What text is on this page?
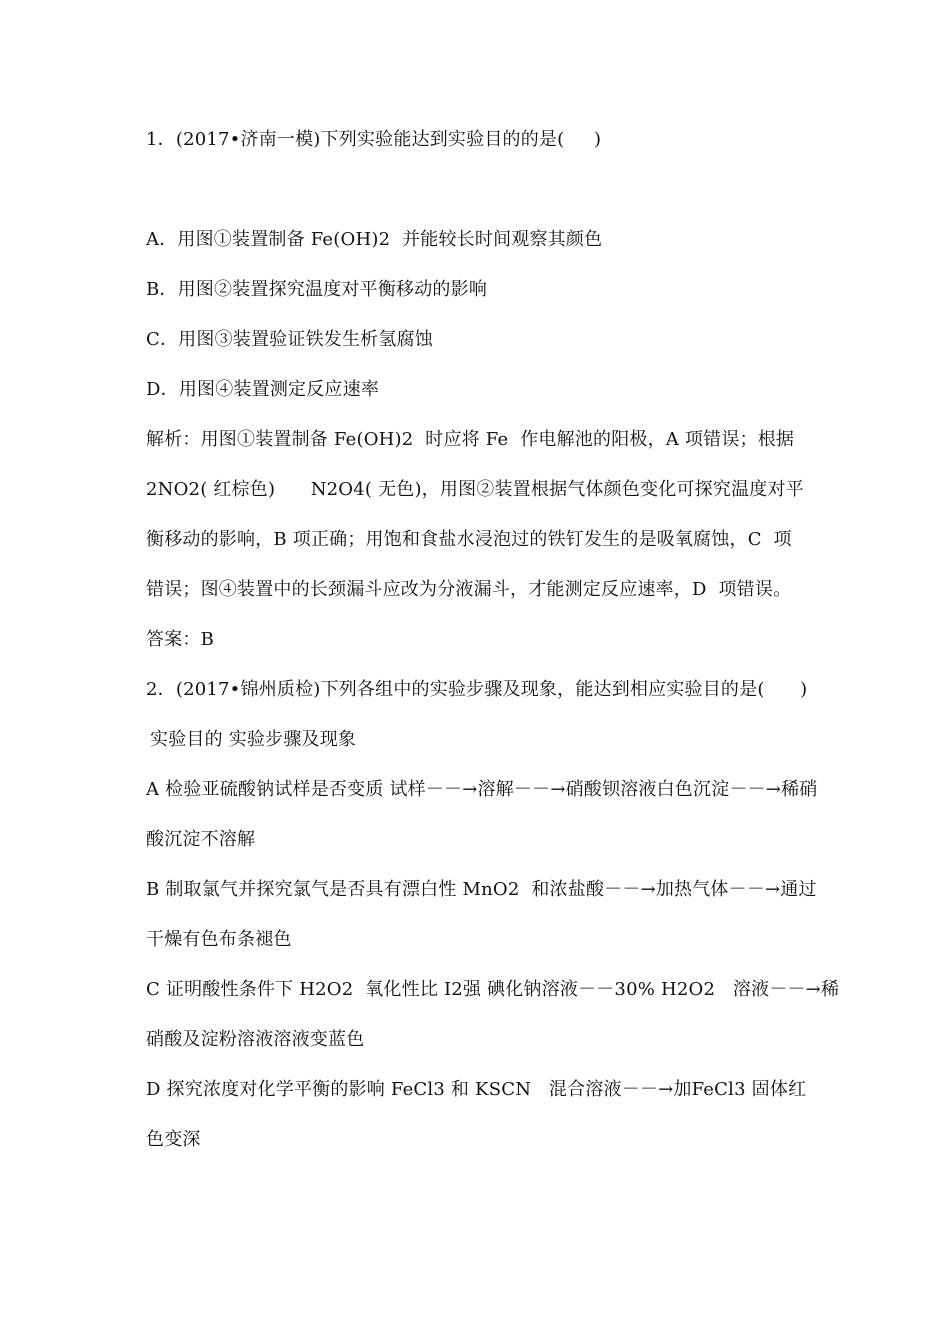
1．(2017•济南一模)下列实验能达到实验目的的是(     )
A．用图①装置制备 Fe(OH)2  并能较长时间观察其颜色
B．用图②装置探究温度对平衡移动的影响
C．用图③装置验证铁发生析氢腐蚀
D．用图④装置测定反应速率
解析：用图①装置制备 Fe(OH)2  时应将 Fe  作电解池的阳极，A 项错误；根据
2NO2( 红棕色)      N2O4( 无色)，用图②装置根据气体颜色变化可探究温度对平
衡移动的影响，B 项正确；用饱和食盐水浸泡过的铁钉发生的是吸氧腐蚀，C  项
错误；图④装置中的长颈漏斗应改为分液漏斗，才能测定反应速率，D  项错误。
答案：B
2．(2017•锦州质检)下列各组中的实验步骤及现象，能达到相应实验目的是(      )
实验目的 实验步骤及现象
A 检验亚硫酸钠试样是否变质 试样－－→溶解－－→硝酸钡溶液白色沉淀－－→稀硝
酸沉淀不溶解
B 制取氯气并探究氯气是否具有漂白性 MnO2  和浓盐酸－－→加热气体－－→通过
干燥有色布条褪色
C 证明酸性条件下 H2O2  氧化性比 I2强 碘化钠溶液－－30% H2O2   溶液－－→稀
硝酸及淀粉溶液溶液变蓝色
D 探究浓度对化学平衡的影响 FeCl3 和 KSCN   混合溶液－－→加FeCl3 固体红
色变深
